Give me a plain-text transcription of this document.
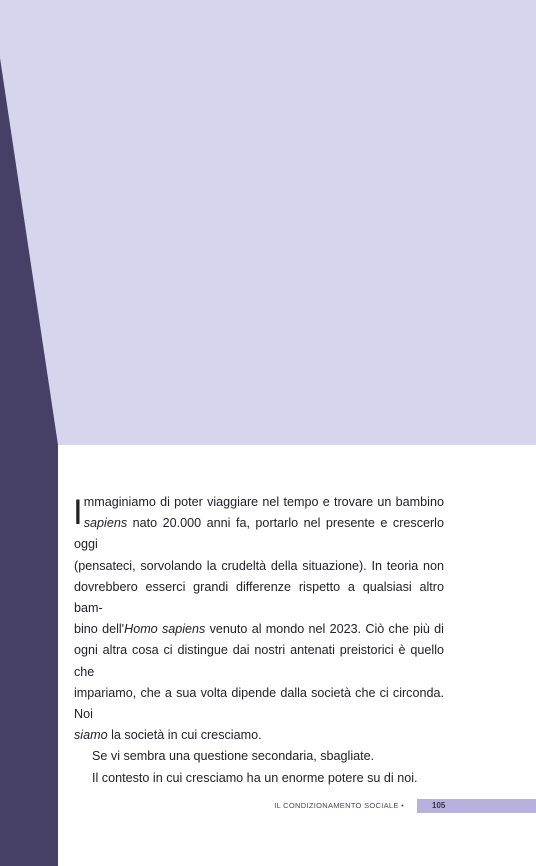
I mmaginiamo di poter viaggiare nel tempo e trovare un bambino
sapiens nato 20.000 anni fa, portarlo nel presente e crescerlo oggi
(pensateci, sorvolando la crudeltà della situazione). In teoria non
dovrebbero esserci grandi differenze rispetto a qualsiasi altro bam-
bino dell'Homo sapiens venuto al mondo nel 2023. Ciò che più di
ogni altra cosa ci distingue dai nostri antenati preistorici è quello che
impariamo, che a sua volta dipende dalla società che ci circonda. Noi
siamo la società in cui cresciamo.
Se vi sembra una questione secondaria, sbagliate.
Il contesto in cui cresciamo ha un enorme potere su di noi.
IL CONDIZIONAMENTO SOCIALE •	105
